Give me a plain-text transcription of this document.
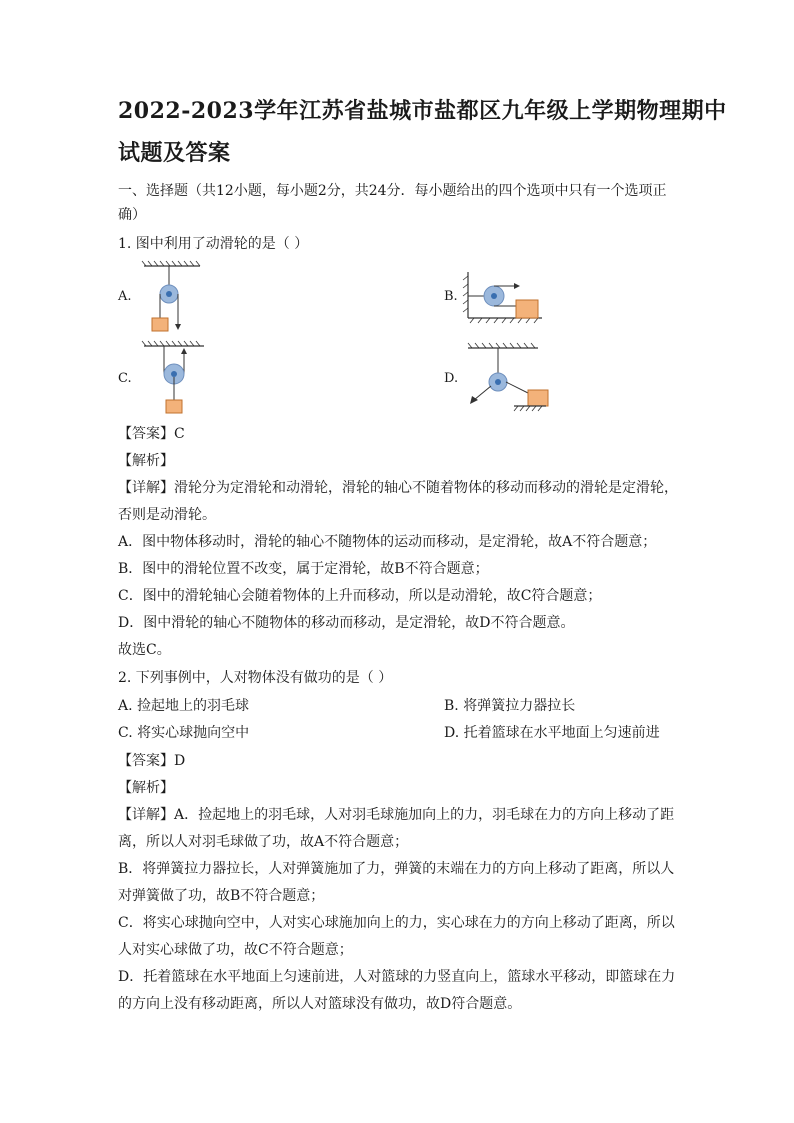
2022-2023学年江苏省盐城市盐都区九年级上学期物理期中
试题及答案
一、选择题（共12小题，每小题2分，共24分．每小题给出的四个选项中只有一个选项正
确）
1. 图中利用了动滑轮的是（ ）
A.	B.
C.	D.
【答案】C
【解析】
【详解】滑轮分为定滑轮和动滑轮，滑轮的轴心不随着物体的移动而移动的滑轮是定滑轮，
否则是动滑轮。
A．图中物体移动时，滑轮的轴心不随物体的运动而移动，是定滑轮，故A不符合题意；
B．图中的滑轮位置不改变，属于定滑轮，故B不符合题意；
C．图中的滑轮轴心会随着物体的上升而移动，所以是动滑轮，故C符合题意；
D．图中滑轮的轴心不随物体的移动而移动，是定滑轮，故D不符合题意。
故选C。
2. 下列事例中，人对物体没有做功的是（ ）
A. 捡起地上的羽毛球	B. 将弹簧拉力器拉长
C. 将实心球抛向空中	D. 托着篮球在水平地面上匀速前进
【答案】D
【解析】
【详解】A．捡起地上的羽毛球，人对羽毛球施加向上的力，羽毛球在力的方向上移动了距
离，所以人对羽毛球做了功，故A不符合题意；
B．将弹簧拉力器拉长，人对弹簧施加了力，弹簧的末端在力的方向上移动了距离，所以人
对弹簧做了功，故B不符合题意；
C．将实心球抛向空中，人对实心球施加向上的力，实心球在力的方向上移动了距离，所以
人对实心球做了功，故C不符合题意；
D．托着篮球在水平地面上匀速前进，人对篮球的力竖直向上，篮球水平移动，即篮球在力
的方向上没有移动距离，所以人对篮球没有做功，故D符合题意。
